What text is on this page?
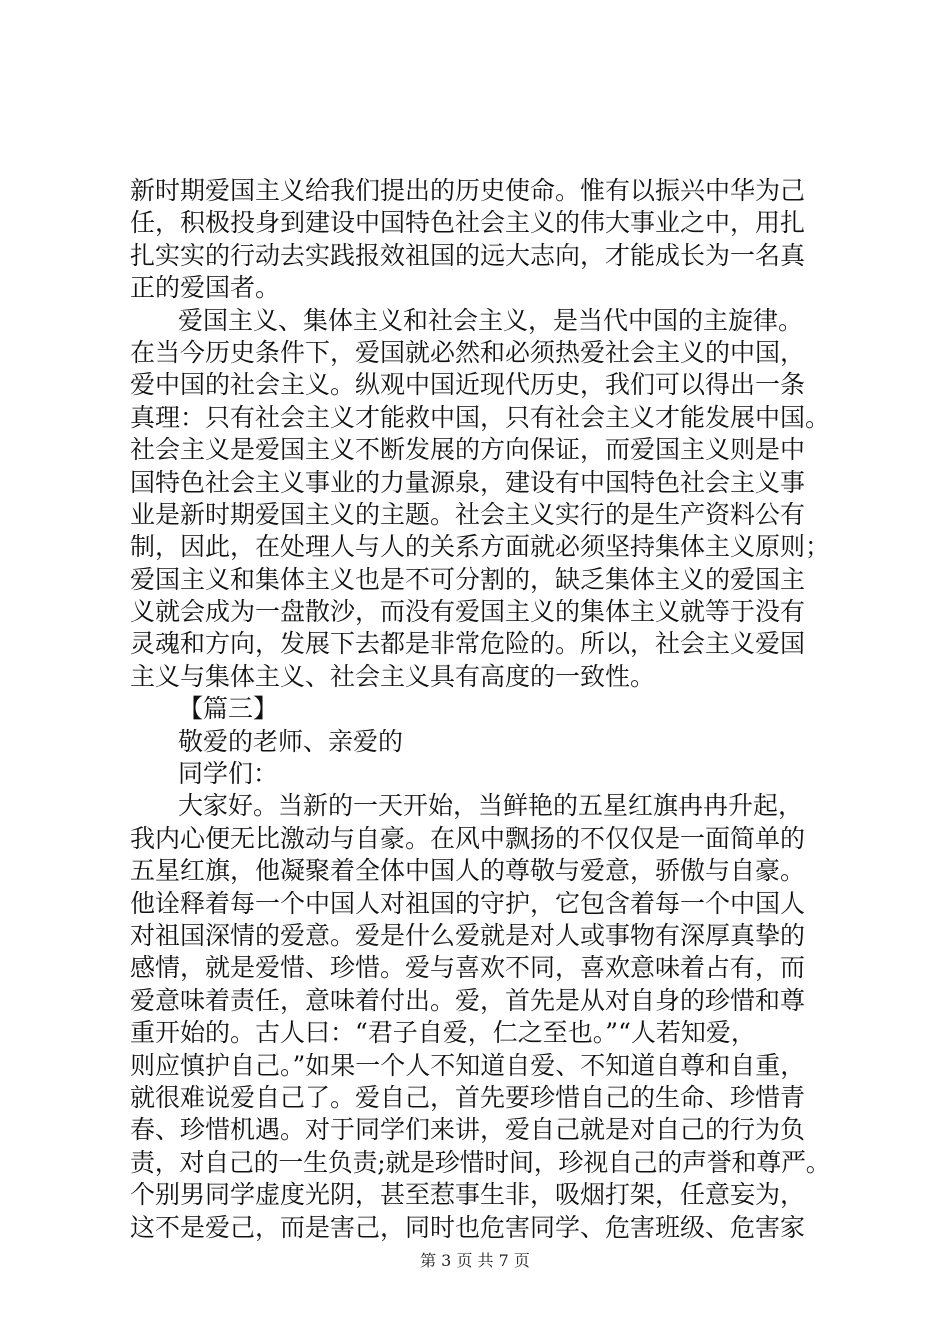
新时期爱国主义给我们提出的历史使命。惟有以振兴中华为己
任，积极投身到建设中国特色社会主义的伟大事业之中，用扎
扎实实的行动去实践报效祖国的远大志向，才能成长为一名真
正的爱国者。
爱国主义、集体主义和社会主义，是当代中国的主旋律。
在当今历史条件下，爱国就必然和必须热爱社会主义的中国，
爱中国的社会主义。纵观中国近现代历史，我们可以得出一条
真理：只有社会主义才能救中国，只有社会主义才能发展中国。
社会主义是爱国主义不断发展的方向保证，而爱国主义则是中
国特色社会主义事业的力量源泉，建设有中国特色社会主义事
业是新时期爱国主义的主题。社会主义实行的是生产资料公有
制，因此，在处理人与人的关系方面就必须坚持集体主义原则；
爱国主义和集体主义也是不可分割的，缺乏集体主义的爱国主
义就会成为一盘散沙，而没有爱国主义的集体主义就等于没有
灵魂和方向，发展下去都是非常危险的。所以，社会主义爱国
主义与集体主义、社会主义具有高度的一致性。
【篇三】
敬爱的老师、亲爱的
同学们：
大家好。当新的一天开始，当鲜艳的五星红旗冉冉升起，
我内心便无比激动与自豪。在风中飘扬的不仅仅是一面简单的
五星红旗，他凝聚着全体中国人的尊敬与爱意，骄傲与自豪。
他诠释着每一个中国人对祖国的守护，它包含着每一个中国人
对祖国深情的爱意。爱是什么爱就是对人或事物有深厚真挚的
感情，就是爱惜、珍惜。爱与喜欢不同，喜欢意味着占有，而
爱意味着责任，意味着付出。爱，首先是从对自身的珍惜和尊
重开始的。古人曰：“君子自爱，仁之至也。”“人若知爱，
则应慎护自己。”如果一个人不知道自爱、不知道自尊和自重，
就很难说爱自己了。爱自己，首先要珍惜自己的生命、珍惜青
春、珍惜机遇。对于同学们来讲，爱自己就是对自己的行为负
责，对自己的一生负责;就是珍惜时间，珍视自己的声誉和尊严。
个别男同学虚度光阴，甚至惹事生非，吸烟打架，任意妄为，
这不是爱己，而是害己，同时也危害同学、危害班级、危害家
第 3 页 共 7 页
